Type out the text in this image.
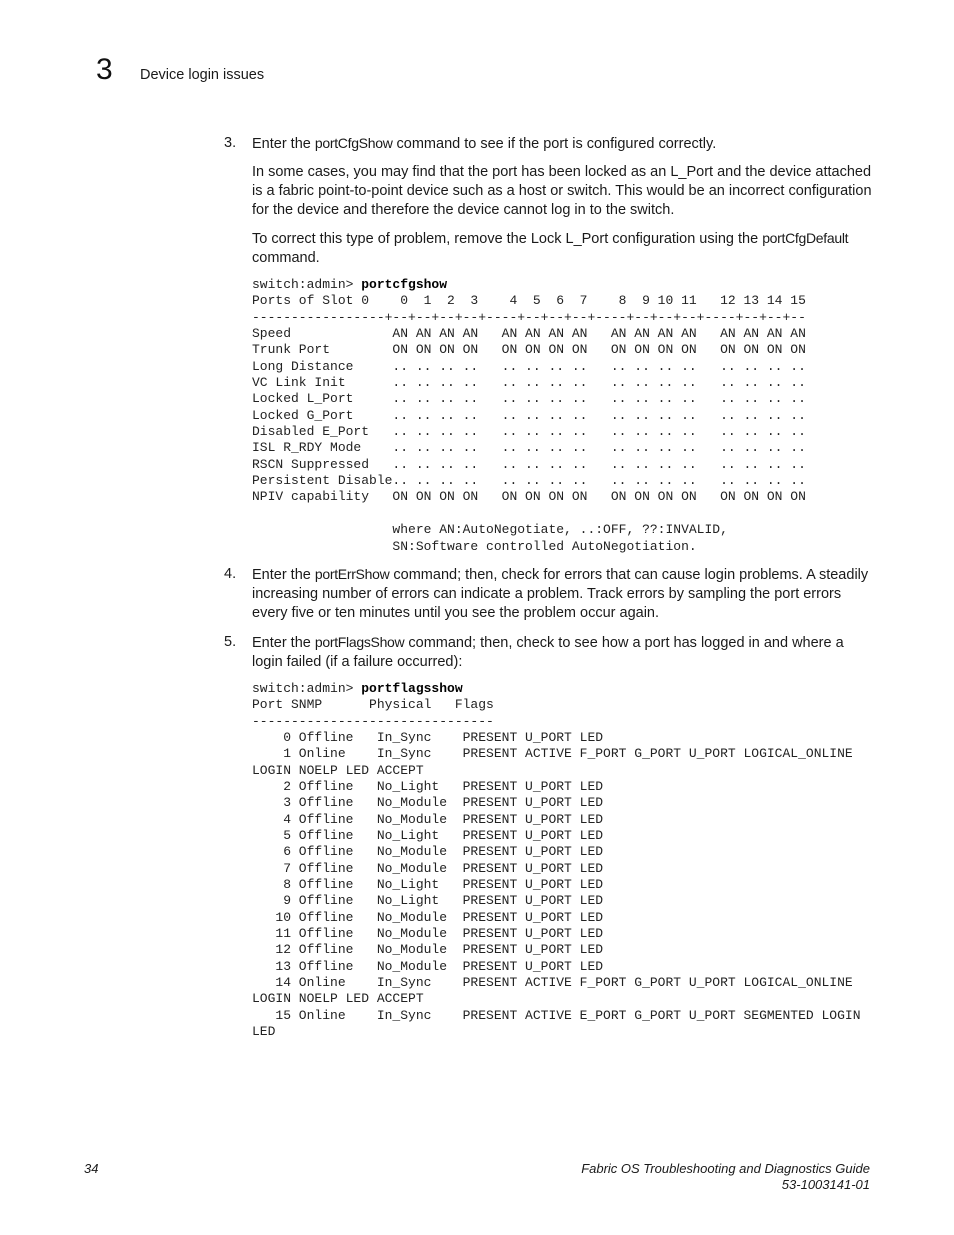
3 Device login issues
3. Enter the portCfgShow command to see if the port is configured correctly.

In some cases, you may find that the port has been locked as an L_Port and the device attached is a fabric point-to-point device such as a host or switch. This would be an incorrect configuration for the device and therefore the device cannot log in to the switch.

To correct this type of problem, remove the Lock L_Port configuration using the portCfgDefault command.

switch:admin> portcfgshow
Ports of Slot 0    0  1  2  3    4  5  6  7    8  9 10 11   12 13 14 15
-----------------+--+--+--+--+----+--+--+--+----+--+--+--+----+--+--+--
Speed             AN AN AN AN   AN AN AN AN   AN AN AN AN   AN AN AN AN
Trunk Port        ON ON ON ON   ON ON ON ON   ON ON ON ON   ON ON ON ON
Long Distance     .. .. .. ..   .. .. .. ..   .. .. .. ..   .. .. .. ..
VC Link Init      .. .. .. ..   .. .. .. ..   .. .. .. ..   .. .. .. ..
Locked L_Port     .. .. .. ..   .. .. .. ..   .. .. .. ..   .. .. .. ..
Locked G_Port     .. .. .. ..   .. .. .. ..   .. .. .. ..   .. .. .. ..
Disabled E_Port   .. .. .. ..   .. .. .. ..   .. .. .. ..   .. .. .. ..
ISL R_RDY Mode    .. .. .. ..   .. .. .. ..   .. .. .. ..   .. .. .. ..
RSCN Suppressed   .. .. .. ..   .. .. .. ..   .. .. .. ..   .. .. .. ..
Persistent Disable.. .. .. ..   .. .. .. ..   .. .. .. ..   .. .. .. ..
NPIV capability   ON ON ON ON   ON ON ON ON   ON ON ON ON   ON ON ON ON

where AN:AutoNegotiate, ..:OFF, ??:INVALID,
SN:Software controlled AutoNegotiation.
4. Enter the portErrShow command; then, check for errors that can cause login problems. A steadily increasing number of errors can indicate a problem. Track errors by sampling the port errors every five or ten minutes until you see the problem occur again.

5. Enter the portFlagsShow command; then, check to see how a port has logged in and where a login failed (if a failure occurred):

switch:admin> portflagsshow
Port SNMP      Physical   Flags
-------------------------------
0 Offline   In_Sync    PRESENT U_PORT LED
1 Online    In_Sync    PRESENT ACTIVE F_PORT G_PORT U_PORT LOGICAL_ONLINE
LOGIN NOELP LED ACCEPT
2 Offline   No_Light   PRESENT U_PORT LED
3 Offline   No_Module  PRESENT U_PORT LED
4 Offline   No_Module  PRESENT U_PORT LED
5 Offline   No_Light   PRESENT U_PORT LED
6 Offline   No_Module  PRESENT U_PORT LED
7 Offline   No_Module  PRESENT U_PORT LED
8 Offline   No_Light   PRESENT U_PORT LED
9 Offline   No_Light   PRESENT U_PORT LED
10 Offline   No_Module  PRESENT U_PORT LED
11 Offline   No_Module  PRESENT U_PORT LED
12 Offline   No_Module  PRESENT U_PORT LED
13 Offline   No_Module  PRESENT U_PORT LED
14 Online    In_Sync    PRESENT ACTIVE F_PORT G_PORT U_PORT LOGICAL_ONLINE
LOGIN NOELP LED ACCEPT
15 Online    In_Sync    PRESENT ACTIVE E_PORT G_PORT U_PORT SEGMENTED LOGIN
LED
34	Fabric OS Troubleshooting and Diagnostics Guide
53-1003141-01
